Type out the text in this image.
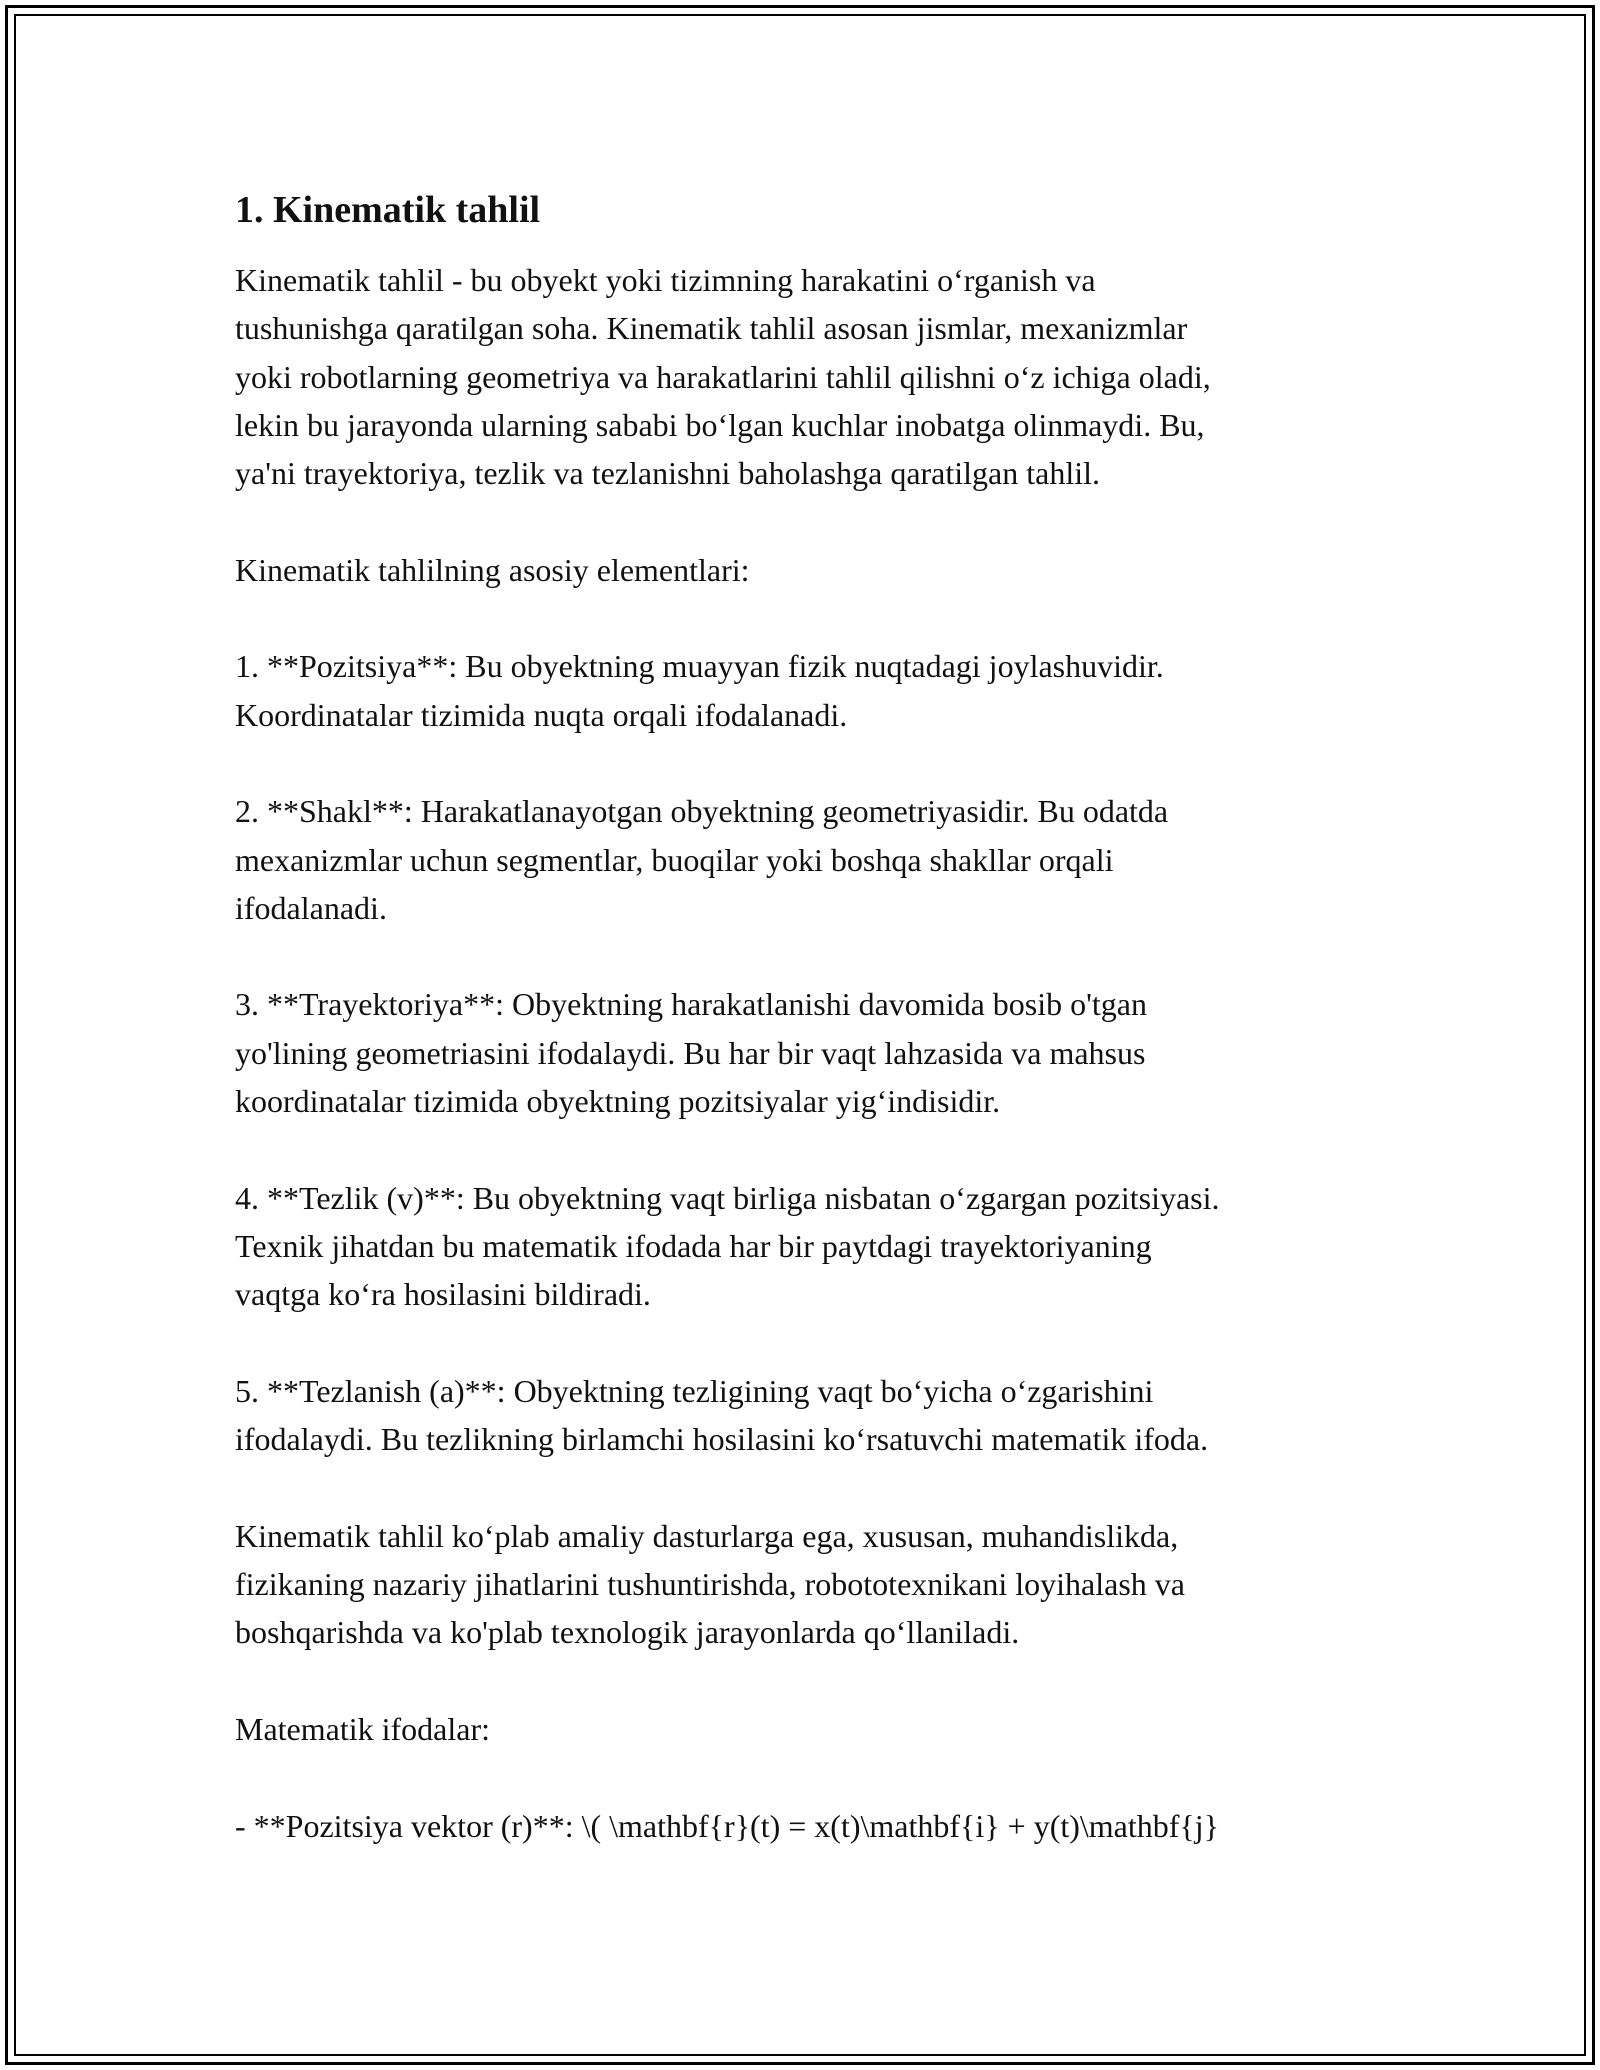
1. Kinematik tahlil
Kinematik tahlil - bu obyekt yoki tizimning harakatini o‘rganish va
tushunishga qaratilgan soha. Kinematik tahlil asosan jismlar, mexanizmlar
yoki robotlarning geometriya va harakatlarini tahlil qilishni o‘z ichiga oladi,
lekin bu jarayonda ularning sababi bo‘lgan kuchlar inobatga olinmaydi. Bu,
ya'ni trayektoriya, tezlik va tezlanishni baholashga qaratilgan tahlil.
Kinematik tahlilning asosiy elementlari:
1. **Pozitsiya**: Bu obyektning muayyan fizik nuqtadagi joylashuvidir.
Koordinatalar tizimida nuqta orqali ifodalanadi.
2. **Shakl**: Harakatlanayotgan obyektning geometriyasidir. Bu odatda
mexanizmlar uchun segmentlar, buoqilar yoki boshqa shakllar orqali
ifodalanadi.
3. **Trayektoriya**: Obyektning harakatlanishi davomida bosib o'tgan
yo'lining geometriasini ifodalaydi. Bu har bir vaqt lahzasida va mahsus
koordinatalar tizimida obyektning pozitsiyalar yig‘indisidir.
4. **Tezlik (v)**: Bu obyektning vaqt birliga nisbatan o‘zgargan pozitsiyasi.
Texnik jihatdan bu matematik ifodada har bir paytdagi trayektoriyaning
vaqtga ko‘ra hosilasini bildiradi.
5. **Tezlanish (a)**: Obyektning tezligining vaqt bo‘yicha o‘zgarishini
ifodalaydi. Bu tezlikning birlamchi hosilasini ko‘rsatuvchi matematik ifoda.
Kinematik tahlil ko‘plab amaliy dasturlarga ega, xususan, muhandislikda,
fizikaning nazariy jihatlarini tushuntirishda, robototexnikani loyihalash va
boshqarishda va ko'plab texnologik jarayonlarda qo‘llaniladi.
Matematik ifodalar:
- **Pozitsiya vektor (r)**: \( \mathbf{r}(t) = x(t)\mathbf{i} + y(t)\mathbf{j}
